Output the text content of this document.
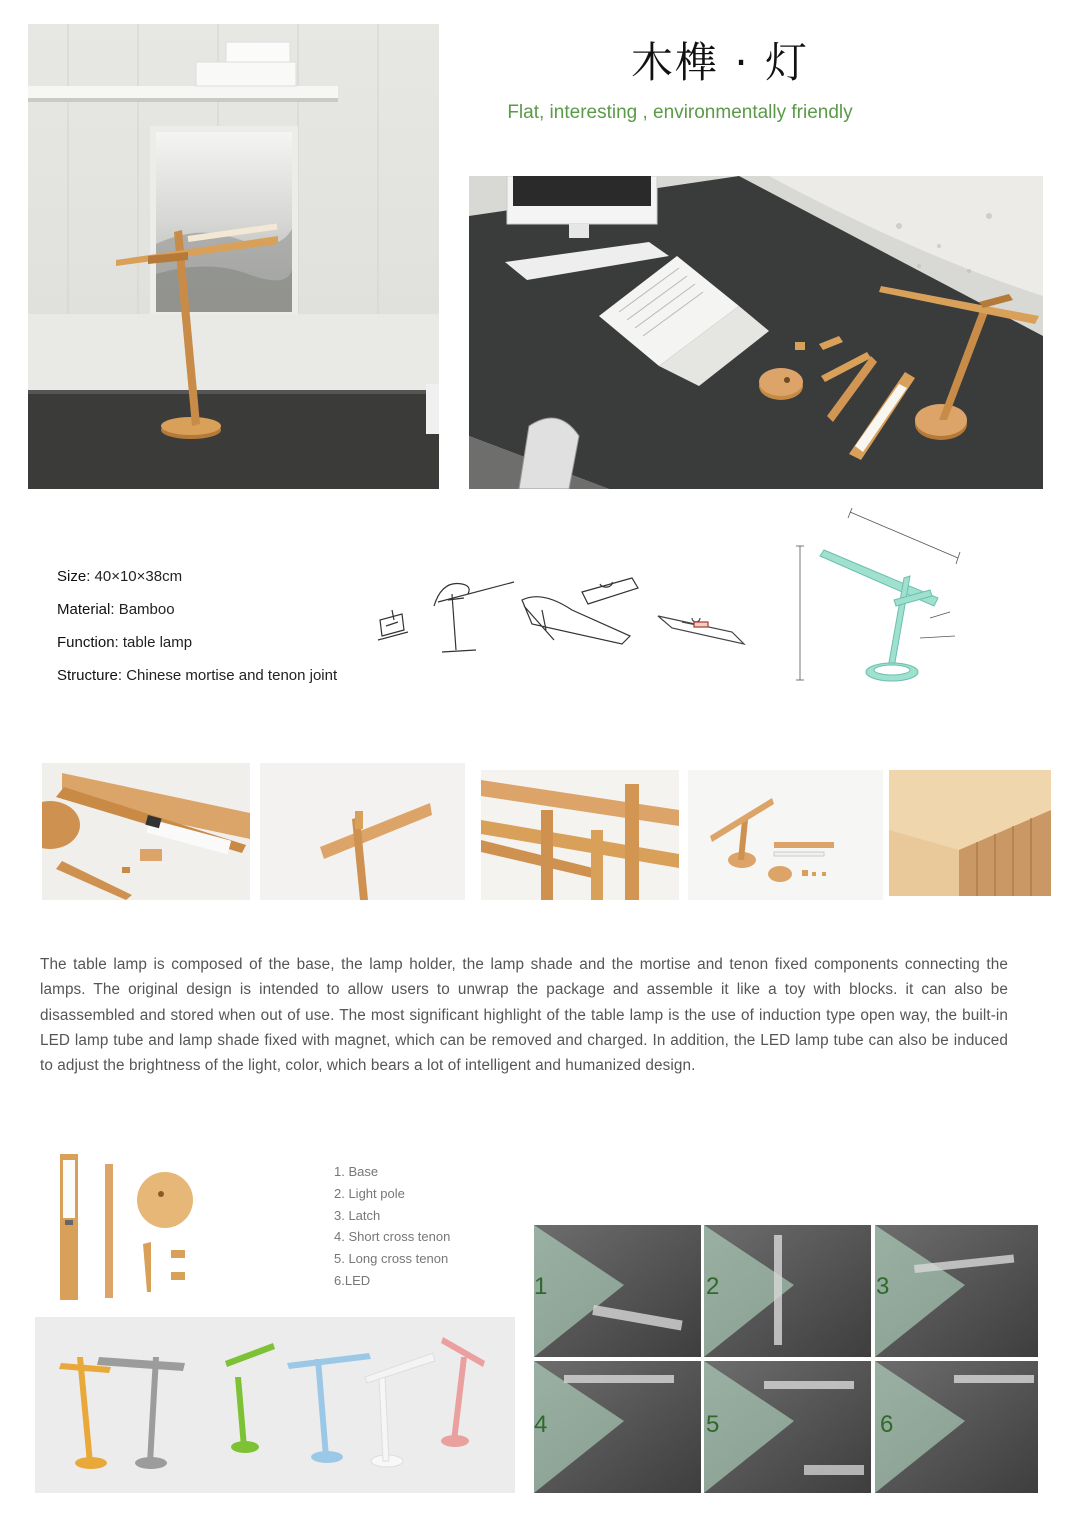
木榫 · 灯
Flat, interesting , environmentally friendly
Size: 40×10×38cm
Material: Bamboo
Function: table lamp
Structure: Chinese mortise and tenon joint
The table lamp is composed of the base, the lamp holder, the lamp shade and the mortise and tenon fixed components connecting the lamps. The original design is intended to allow users to unwrap the package and assemble it like a toy with blocks. it can also be disassembled and stored when out of use. The most significant highlight of the table lamp is the use of induction type open way, the built-in LED lamp tube and lamp shade fixed with magnet, which can be removed and charged. In addition, the LED lamp tube can also be induced to adjust the brightness of the light, color, which bears a lot of intelligent and humanized design.
1. Base
2. Light pole
3. Latch
4. Short cross tenon
5. Long cross tenon
6.LED	1	2	3
4	5	6
